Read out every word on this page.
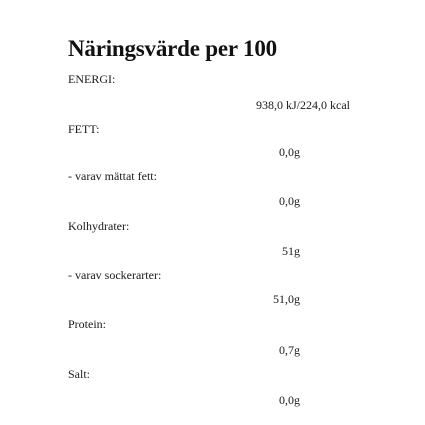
Näringsvärde per 100
ENERGI:
938,0 kJ/224,0 kcal
FETT:
0,0g
- varav mättat fett:
0,0g
Kolhydrater:
51g
- varav sockerarter:
51,0g
Protein:
0,7g
Salt:
0,0g
